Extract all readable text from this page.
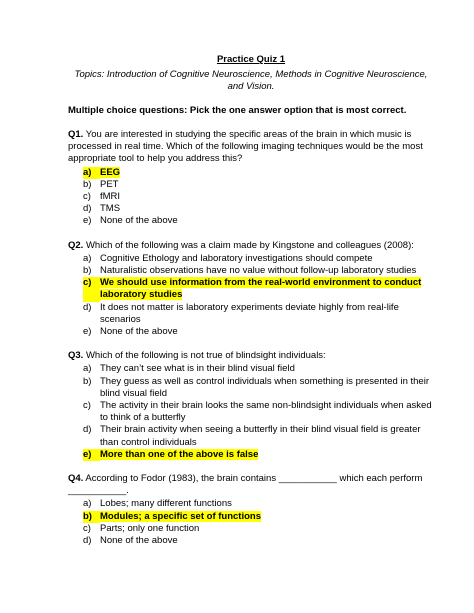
Practice Quiz 1
Topics: Introduction of Cognitive Neuroscience, Methods in Cognitive Neuroscience, and Vision.
Multiple choice questions: Pick the one answer option that is most correct.
Q1. You are interested in studying the specific areas of the brain in which music is processed in real time. Which of the following imaging techniques would be the most appropriate tool to help you address this?
a) EEG
b) PET
c) fMRI
d) TMS
e) None of the above
Q2. Which of the following was a claim made by Kingstone and colleagues (2008):
a) Cognitive Ethology and laboratory investigations should compete
b) Naturalistic observations have no value without follow-up laboratory studies
c) We should use information from the real-world environment to conduct laboratory studies
d) It does not matter is laboratory experiments deviate highly from real-life scenarios
e) None of the above
Q3. Which of the following is not true of blindsight individuals:
a) They can’t see what is in their blind visual field
b) They guess as well as control individuals when something is presented in their blind visual field
c) The activity in their brain looks the same non-blindsight individuals when asked to think of a butterfly
d) Their brain activity when seeing a butterfly in their blind visual field is greater than control individuals
e) More than one of the above is false
Q4. According to Fodor (1983), the brain contains ___________ which each perform ___________.
a) Lobes; many different functions
b) Modules; a specific set of functions
c) Parts; only one function
d) None of the above
